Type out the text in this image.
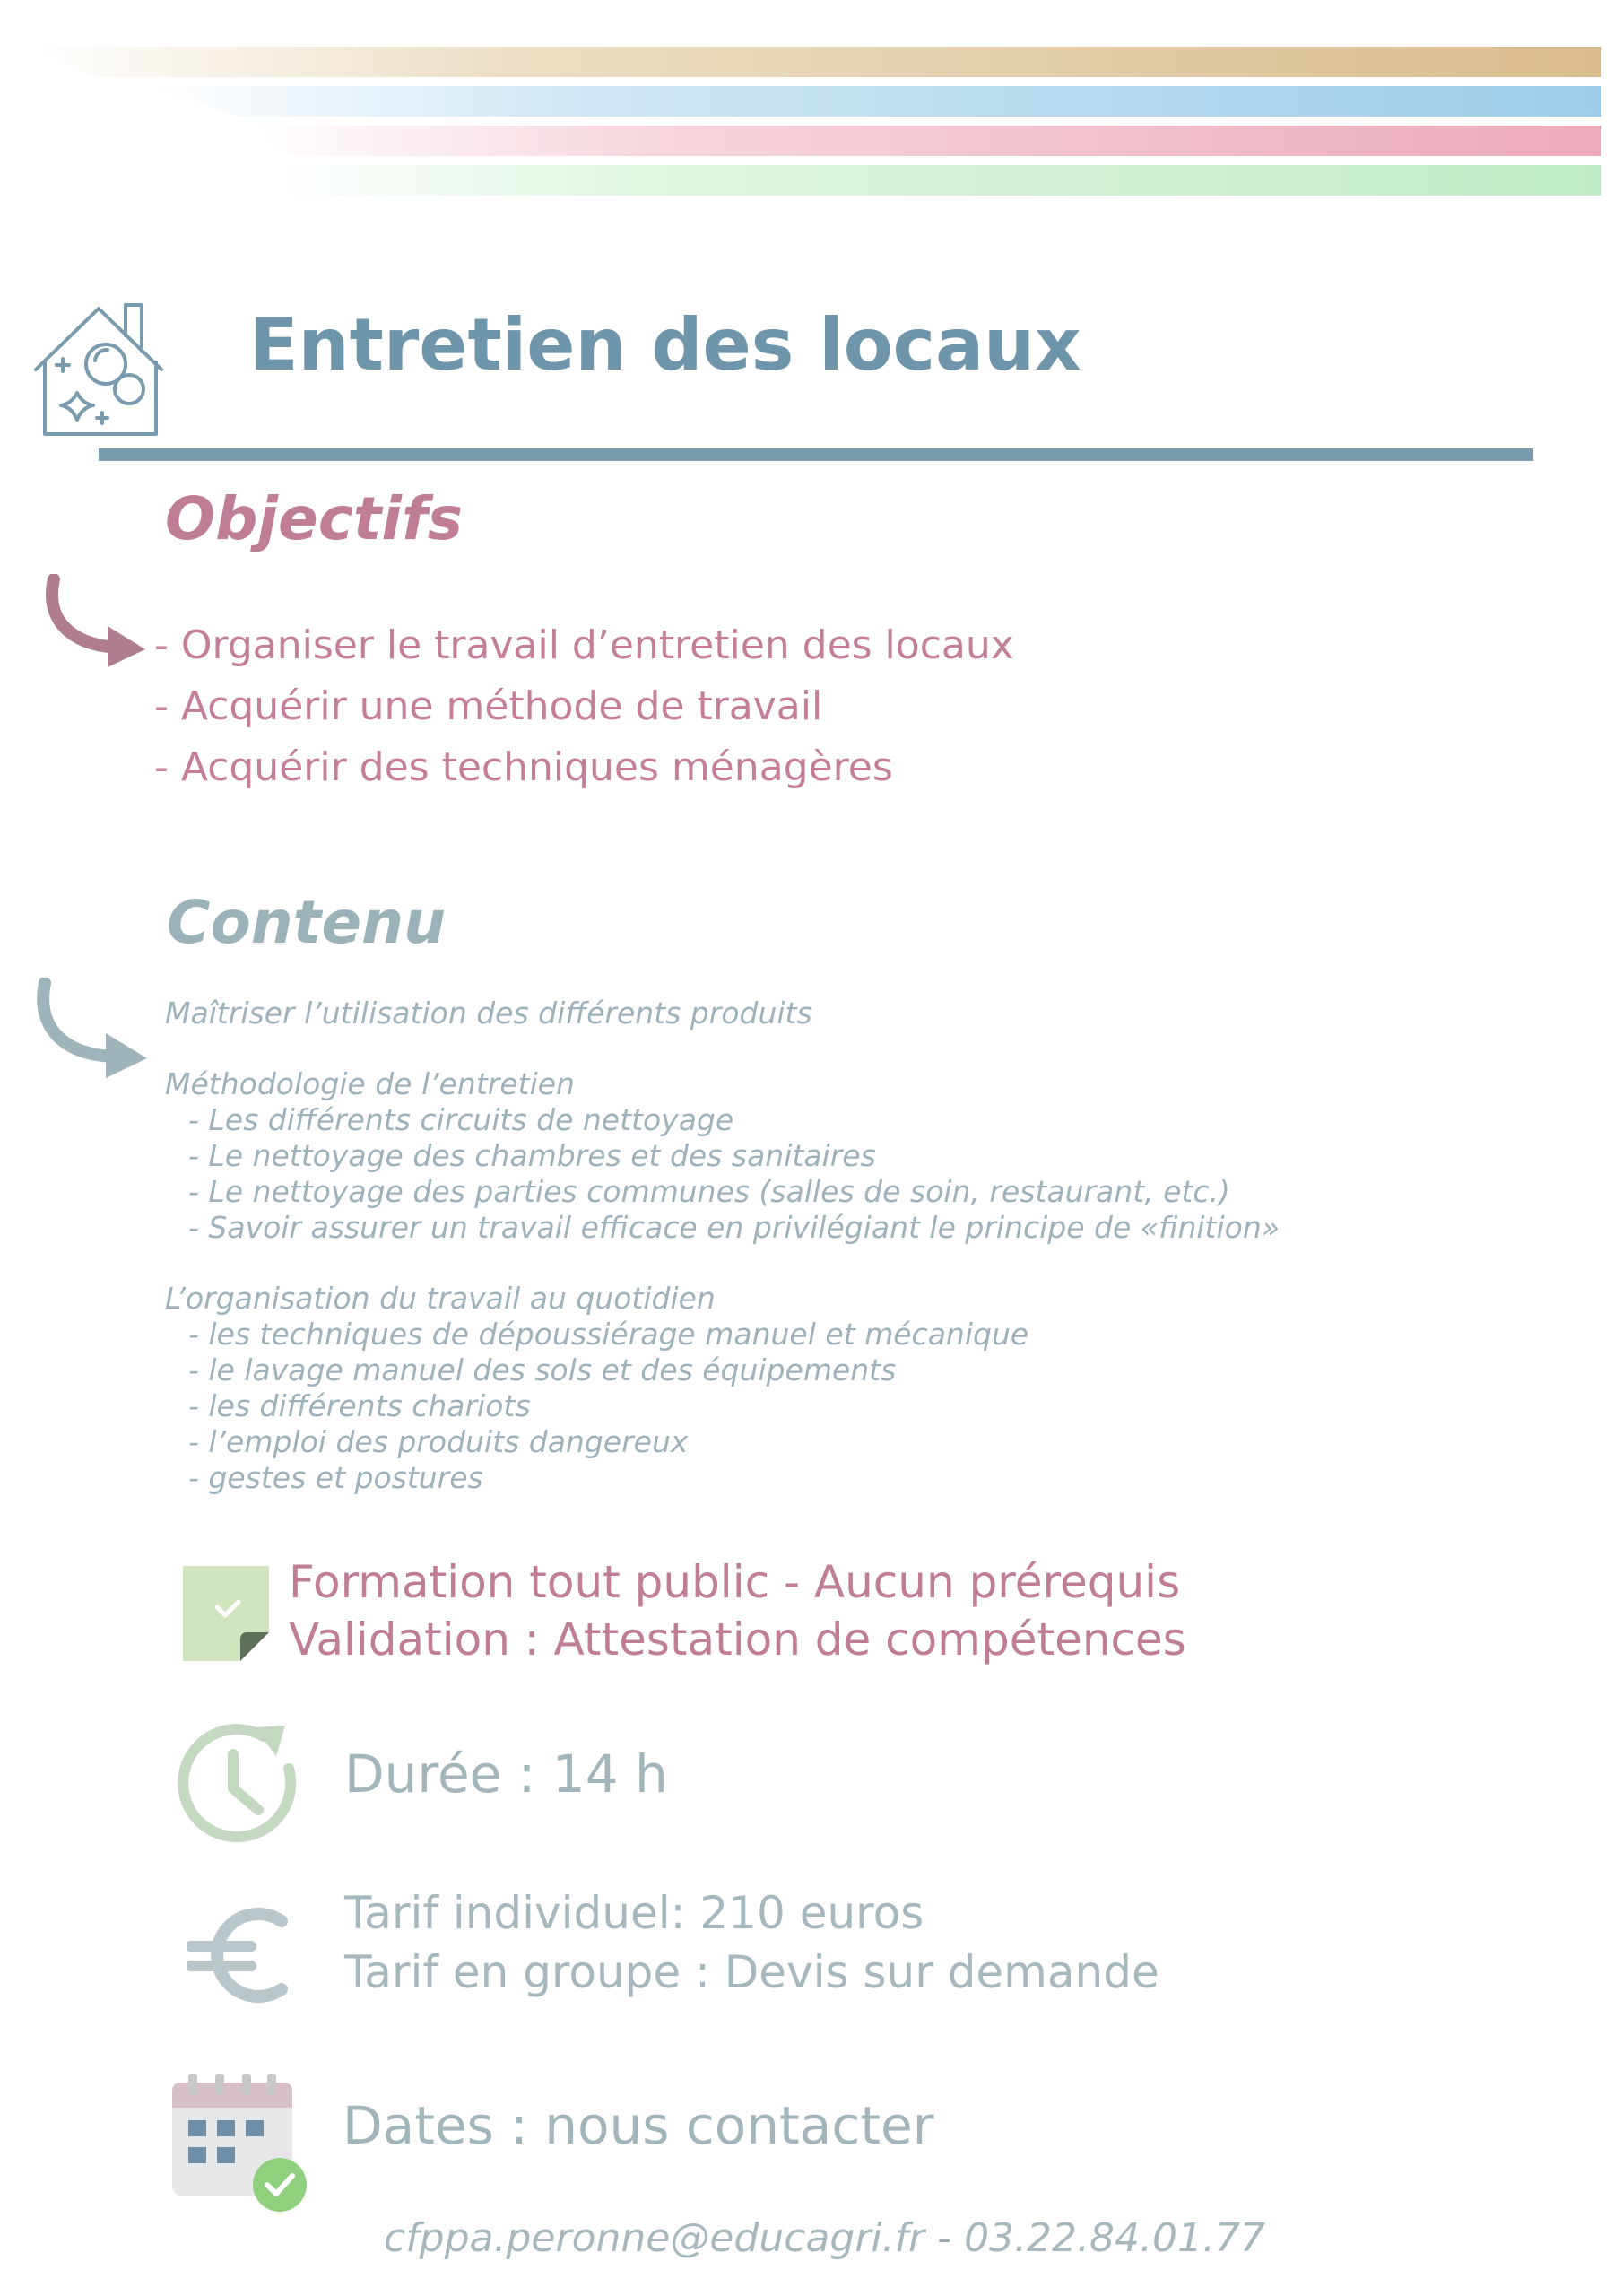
Entretien des locaux
Objectifs
- Organiser le travail d’entretien des locaux
- Acquérir une méthode de travail
- Acquérir des techniques ménagères
Contenu
Maîtriser l’utilisation des différents produits
Méthodologie de l’entretien
- Les différents circuits de nettoyage
- Le nettoyage des chambres et des sanitaires
- Le nettoyage des parties communes (salles de soin, restaurant, etc.)
- Savoir assurer un travail efficace en privilégiant le principe de «finition»
L’organisation du travail au quotidien
- les techniques de dépoussiérage manuel et mécanique
- le lavage manuel des sols et des équipements
- les différents chariots
- l’emploi des produits dangereux
- gestes et postures
Formation tout public - Aucun prérequis
Validation : Attestation de compétences
Durée : 14 h
Tarif individuel: 210 euros
Tarif en groupe : Devis sur demande
Dates : nous contacter
cfppa.peronne@educagri.fr - 03.22.84.01.77
